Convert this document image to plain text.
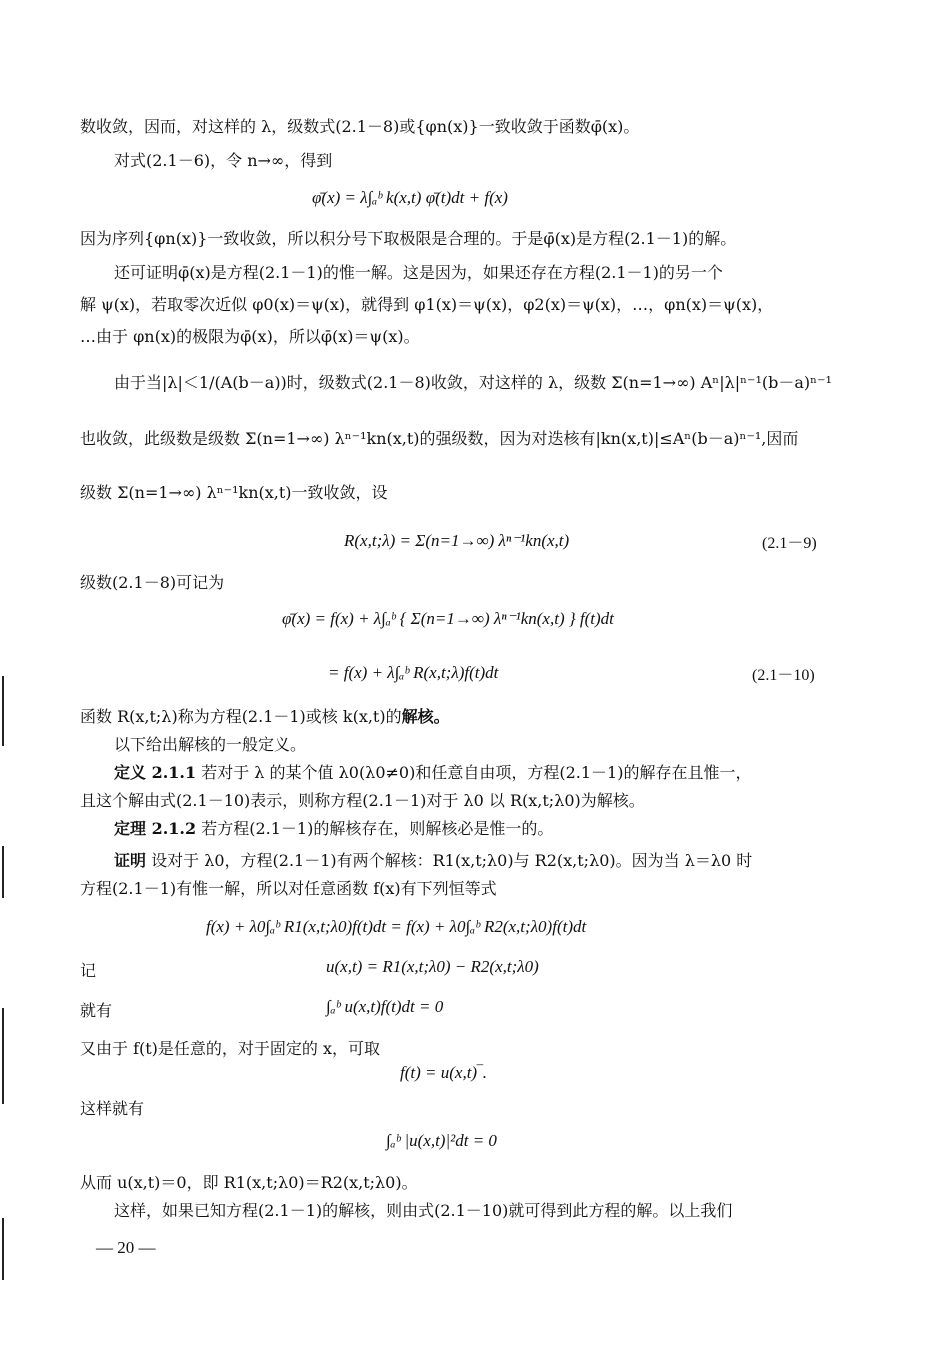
数收敛，因而，对这样的 λ，级数式(2.1－8)或{φn(x)}一致收敛于函数φ̄(x)。
对式(2.1－6)，令 n→∞，得到
φ̄(x) = λ∫ₐᵇ k(x,t) φ̄(t)dt + f(x)
因为序列{φn(x)}一致收敛，所以积分号下取极限是合理的。于是φ̄(x)是方程(2.1－1)的解。
还可证明φ̄(x)是方程(2.1－1)的惟一解。这是因为，如果还存在方程(2.1－1)的另一个
解 ψ(x)，若取零次近似 φ0(x)＝ψ(x)，就得到 φ1(x)＝ψ(x)，φ2(x)＝ψ(x)，…，φn(x)＝ψ(x)，
…由于 φn(x)的极限为φ̄(x)，所以φ̄(x)＝ψ(x)。
由于当|λ|＜1/(A(b－a))时，级数式(2.1－8)收敛，对这样的 λ，级数 Σ(n=1→∞) Aⁿ|λ|ⁿ⁻¹(b－a)ⁿ⁻¹
也收敛，此级数是级数 Σ(n=1→∞) λⁿ⁻¹kn(x,t)的强级数，因为对迭核有|kn(x,t)|≤Aⁿ(b－a)ⁿ⁻¹,因而
级数 Σ(n=1→∞) λⁿ⁻¹kn(x,t)一致收敛，设
R(x,t;λ) = Σ(n=1→∞) λⁿ⁻¹kn(x,t)	(2.1－9)
级数(2.1－8)可记为
φ̄(x) = f(x) + λ∫ₐᵇ { Σ(n=1→∞) λⁿ⁻¹kn(x,t) } f(t)dt
= f(x) + λ∫ₐᵇ R(x,t;λ)f(t)dt	(2.1－10)
函数 R(x,t;λ)称为方程(2.1－1)或核 k(x,t)的解核。
以下给出解核的一般定义。
定义 2.1.1 若对于 λ 的某个值 λ0(λ0≠0)和任意自由项，方程(2.1－1)的解存在且惟一，
且这个解由式(2.1－10)表示，则称方程(2.1－1)对于 λ0 以 R(x,t;λ0)为解核。
定理 2.1.2 若方程(2.1－1)的解核存在，则解核必是惟一的。
证明 设对于 λ0，方程(2.1－1)有两个解核：R1(x,t;λ0)与 R2(x,t;λ0)。因为当 λ＝λ0 时
方程(2.1－1)有惟一解，所以对任意函数 f(x)有下列恒等式
f(x) + λ0∫ₐᵇ R1(x,t;λ0)f(t)dt = f(x) + λ0∫ₐᵇ R2(x,t;λ0)f(t)dt
记	u(x,t) = R1(x,t;λ0) − R2(x,t;λ0)
就有	∫ₐᵇ u(x,t)f(t)dt = 0
又由于 f(t)是任意的，对于固定的 x，可取
f(t) = u(x,t)‾.
这样就有
∫ₐᵇ |u(x,t)|²dt = 0
从而 u(x,t)＝0，即 R1(x,t;λ0)＝R2(x,t;λ0)。
这样，如果已知方程(2.1－1)的解核，则由式(2.1－10)就可得到此方程的解。以上我们
— 20 —
